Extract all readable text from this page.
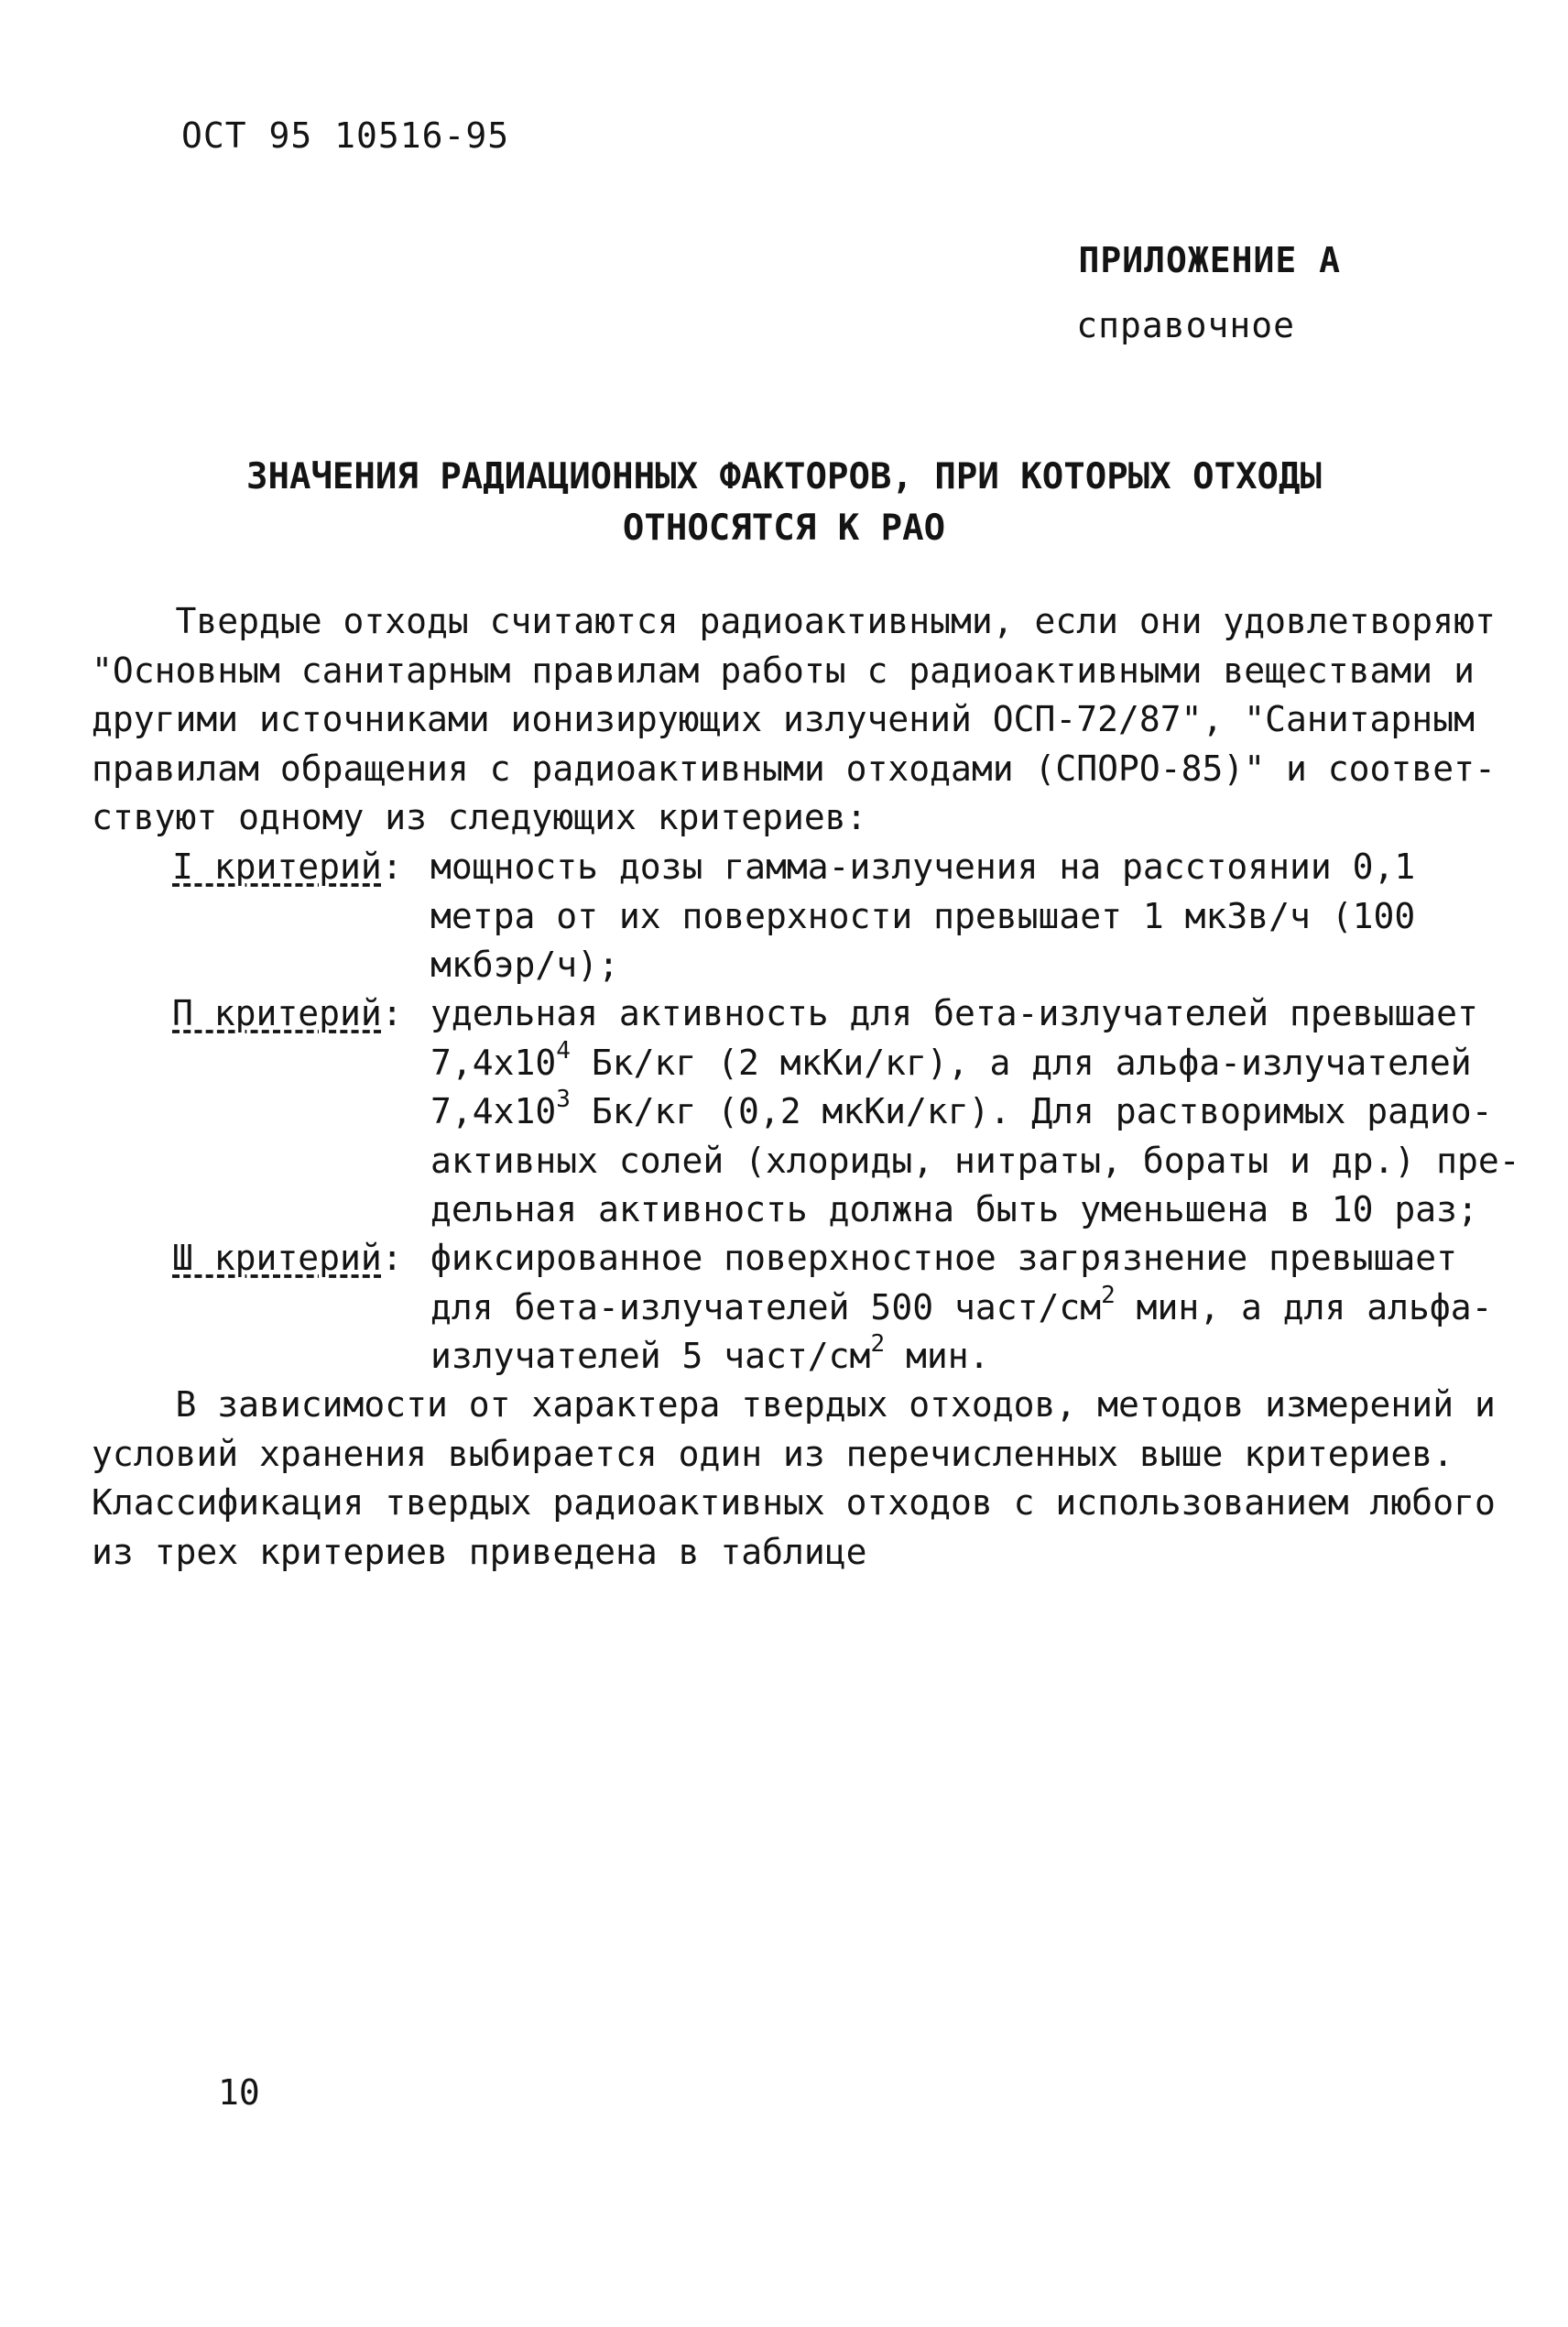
ОСТ 95 10516-95
ПРИЛОЖЕНИЕ А
справочное
ЗНАЧЕНИЯ РАДИАЦИОННЫХ ФАКТОРОВ, ПРИ КОТОРЫХ ОТХОДЫ
ОТНОСЯТСЯ К РАО
Твердые отходы считаются радиоактивными, если они удовлетворяют
"Основным санитарным правилам работы с радиоактивными веществами и
другими источниками ионизирующих излучений ОСП-72/87", "Санитарным
правилам обращения с радиоактивными отходами (СПОРО-85)" и соответ-
ствуют одному из следующих критериев:
I критерий: мощность дозы гамма-излучения на расстоянии 0,1
метра от их поверхности превышает 1 мкЗв/ч (100
мкбэр/ч);
П критерий: удельная активность для бета-излучателей превышает
$7,4х10^4$ Бк/кг (2 мкКи/кг), а для альфа-излучателей
$7,4х10^3$ Бк/кг (0,2 мкКи/кг). Для растворимых радио-
активных солей (хлориды, нитраты, бораты и др.) пре-
дельная активность должна быть уменьшена в 10 раз;
Ш критерий: фиксированное поверхностное загрязнение превышает
для бета-излучателей 500 част/$см^2$ мин, а для альфа-
излучателей 5 част/$см^2$ мин.
В зависимости от характера твердых отходов, методов измерений и
условий хранения выбирается один из перечисленных выше критериев.
Классификация твердых радиоактивных отходов с использованием любого
из трех критериев приведена в таблице
10
